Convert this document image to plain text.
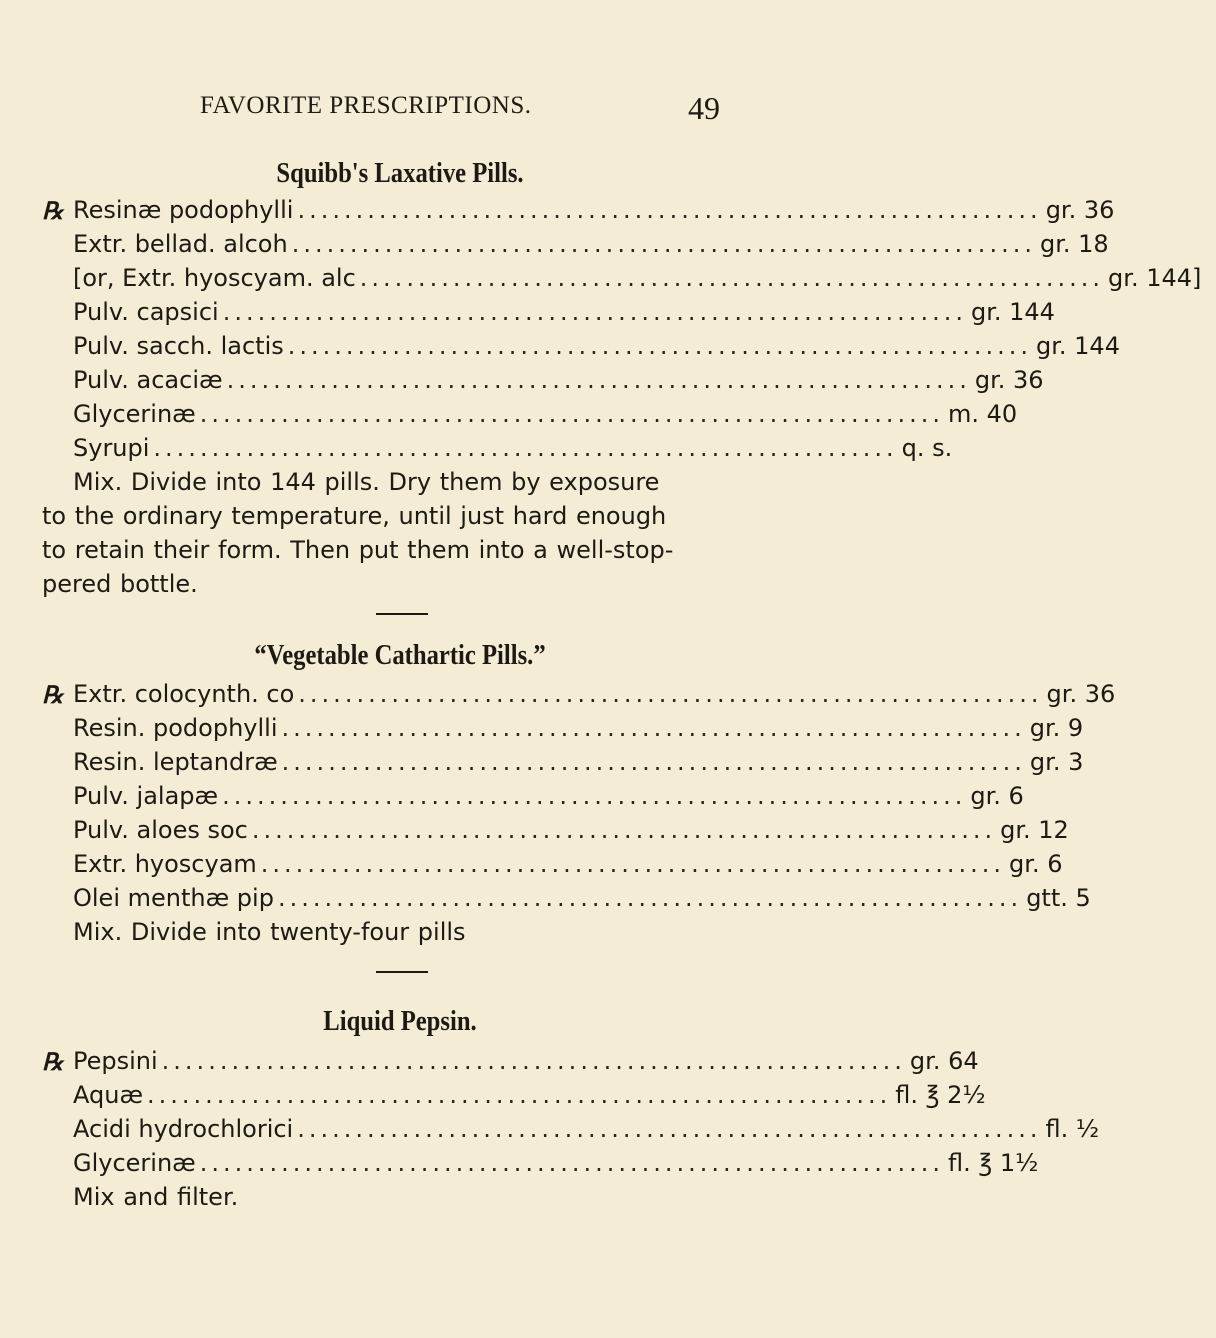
FAVORITE PRESCRIPTIONS.	49
Squibb's Laxative Pills.
℞ Resinæ podophylli ................................................................ gr. 36
Extr. bellad. alcoh ................................................................ gr. 18
[or, Extr. hyoscyam. alc ................................................................ gr. 144]
Pulv. capsici ................................................................ gr. 144
Pulv. sacch. lactis ................................................................ gr. 144
Pulv. acaciæ ................................................................ gr. 36
Glycerinæ ................................................................ m. 40
Syrupi ................................................................ q. s.
Mix. Divide into 144 pills. Dry them by exposure
to the ordinary temperature, until just hard enough
to retain their form. Then put them into a well-stop-
pered bottle.
“Vegetable Cathartic Pills.”
℞ Extr. colocynth. co ................................................................ gr. 36
Resin. podophylli ................................................................ gr. 9
Resin. leptandræ ................................................................ gr. 3
Pulv. jalapæ ................................................................ gr. 6
Pulv. aloes soc ................................................................ gr. 12
Extr. hyoscyam ................................................................ gr. 6
Olei menthæ pip ................................................................ gtt. 5
Mix. Divide into twenty-four pills
Liquid Pepsin.
℞ Pepsini ................................................................ gr. 64
Aquæ ................................................................ fl. ℥ 2½
Acidi hydrochlorici ................................................................ fl. ½
Glycerinæ ................................................................ fl. ℥ 1½
Mix and filter.
